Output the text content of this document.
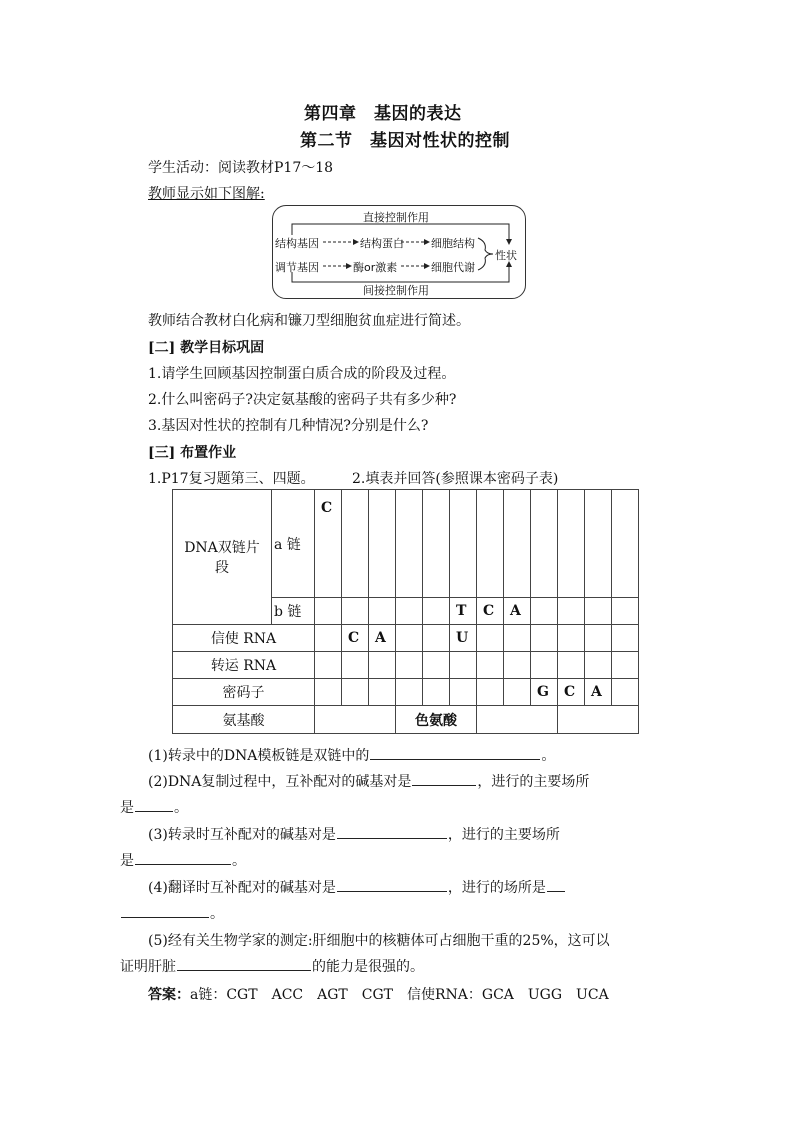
第四章　基因的表达
第二节　基因对性状的控制
学生活动：阅读教材P17～18
教师显示如下图解:
直接控制作用
结构基因	结构蛋白 细胞结构
调节基因	酶or激素	细胞代谢
性状
间接控制作用
教师结合教材白化病和镰刀型细胞贫血症进行简述。
[二] 教学目标巩固
1.请学生回顾基因控制蛋白质合成的阶段及过程。
2.什么叫密码子?决定氨基酸的密码子共有多少种?
3.基因对性状的控制有几种情况?分别是什么?
[三] 布置作业
1.P17复习题第三、四题。	2.填表并回答(参照课本密码子表)
DNA双链片段	a 链	C											
	b 链						T	C	A				
信使 RNA			C	A			U						
转运 RNA													
密码子										G	C	A	
氨基酸					色氨酸								
(1)转录中的DNA模板链是双链中的	。
(2)DNA复制过程中，互补配对的碱基对是	，进行的主要场所
是	。
(3)转录时互补配对的碱基对是	，进行的主要场所
是	。
(4)翻译时互补配对的碱基对是	，进行的场所是
。
(5)经有关生物学家的测定:肝细胞中的核糖体可占细胞干重的25%，这可以
证明肝脏	的能力是很强的。
答案：a链：CGT　ACC　AGT　CGT　信使RNA：GCA　UGG　UCA
